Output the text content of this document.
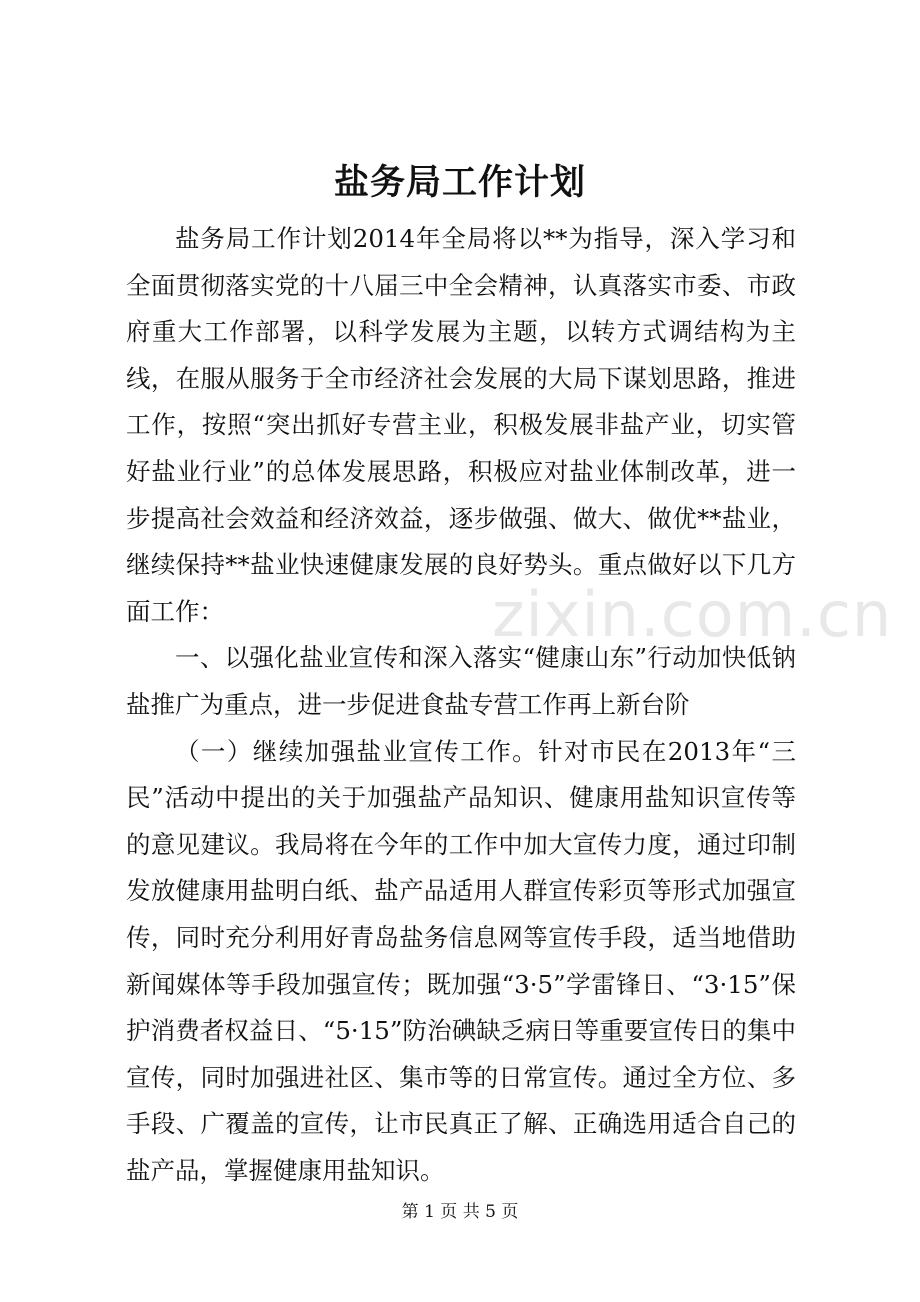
盐务局工作计划

盐务局工作计划2014年全局将以**为指导，深入学习和全面贯彻落实党的十八届三中全会精神，认真落实市委、市政府重大工作部署，以科学发展为主题，以转方式调结构为主线，在服从服务于全市经济社会发展的大局下谋划思路，推进工作，按照“突出抓好专营主业，积极发展非盐产业，切实管好盐业行业”的总体发展思路，积极应对盐业体制改革，进一步提高社会效益和经济效益，逐步做强、做大、做优**盐业，继续保持**盐业快速健康发展的良好势头。重点做好以下几方面工作：

一、以强化盐业宣传和深入落实“健康山东”行动加快低钠盐推广为重点，进一步促进食盐专营工作再上新台阶

（一）继续加强盐业宣传工作。针对市民在2013年“三民”活动中提出的关于加强盐产品知识、健康用盐知识宣传等的意见建议。我局将在今年的工作中加大宣传力度，通过印制发放健康用盐明白纸、盐产品适用人群宣传彩页等形式加强宣传，同时充分利用好青岛盐务信息网等宣传手段，适当地借助新闻媒体等手段加强宣传；既加强“3·5”学雷锋日、“3·15”保护消费者权益日、“5·15”防治碘缺乏病日等重要宣传日的集中宣传，同时加强进社区、集市等的日常宣传。通过全方位、多手段、广覆盖的宣传，让市民真正了解、正确选用适合自己的盐产品，掌握健康用盐知识。

zixin.com.cn
第 1 页 共 5 页
